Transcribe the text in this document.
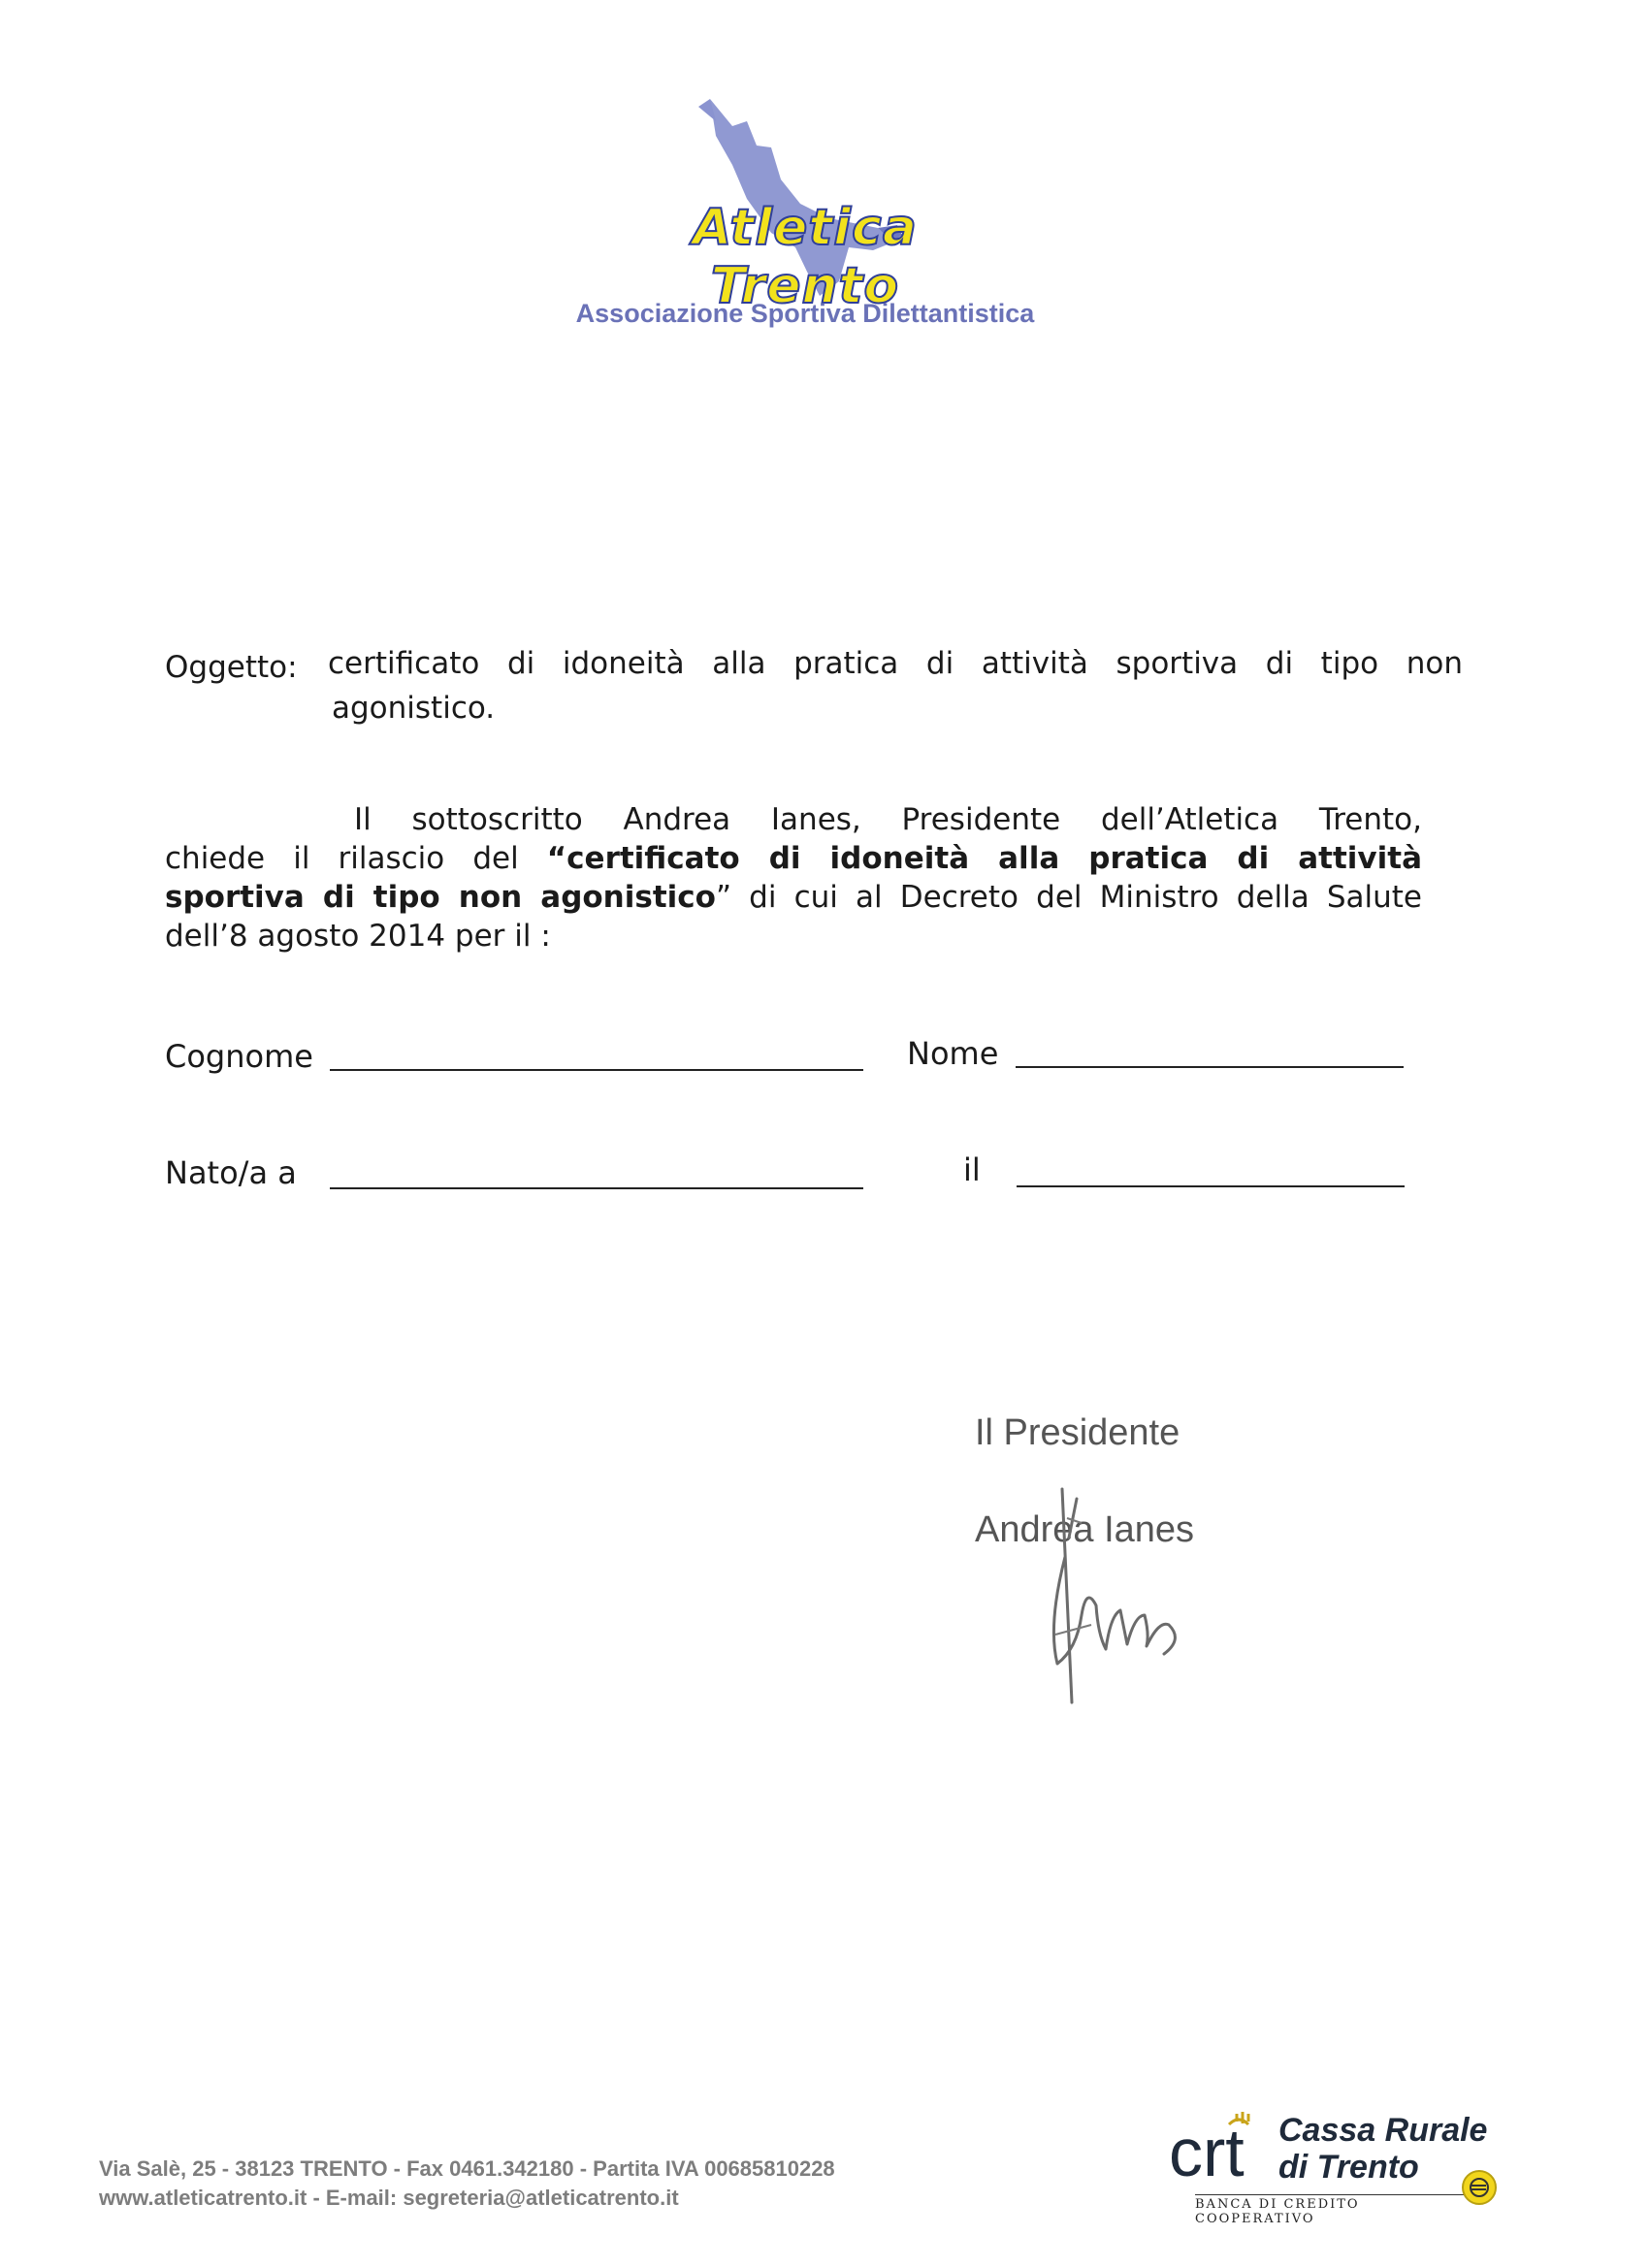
Atletica Trento
Associazione Sportiva Dilettantistica
Oggetto: certificato di idoneità alla pratica di attività sportiva di tipo non
agonistico.
Il sottoscritto Andrea Ianes, Presidente dell’Atletica Trento,
chiede il rilascio del “certificato di idoneità alla pratica di attività
sportiva di tipo non agonistico” di cui al Decreto del Ministro della Salute
dell’8 agosto 2014 per il :
Cognome	Nome
Nato/a a	il
Il Presidente
Andrea Ianes
Via Salè, 25 - 38123 TRENTO - Fax 0461.342180 - Partita IVA 00685810228
www.atleticatrento.it - E-mail: segreteria@atleticatrento.it
crt Cassa Rurale
di Trento
BANCA DI CREDITO COOPERATIVO
